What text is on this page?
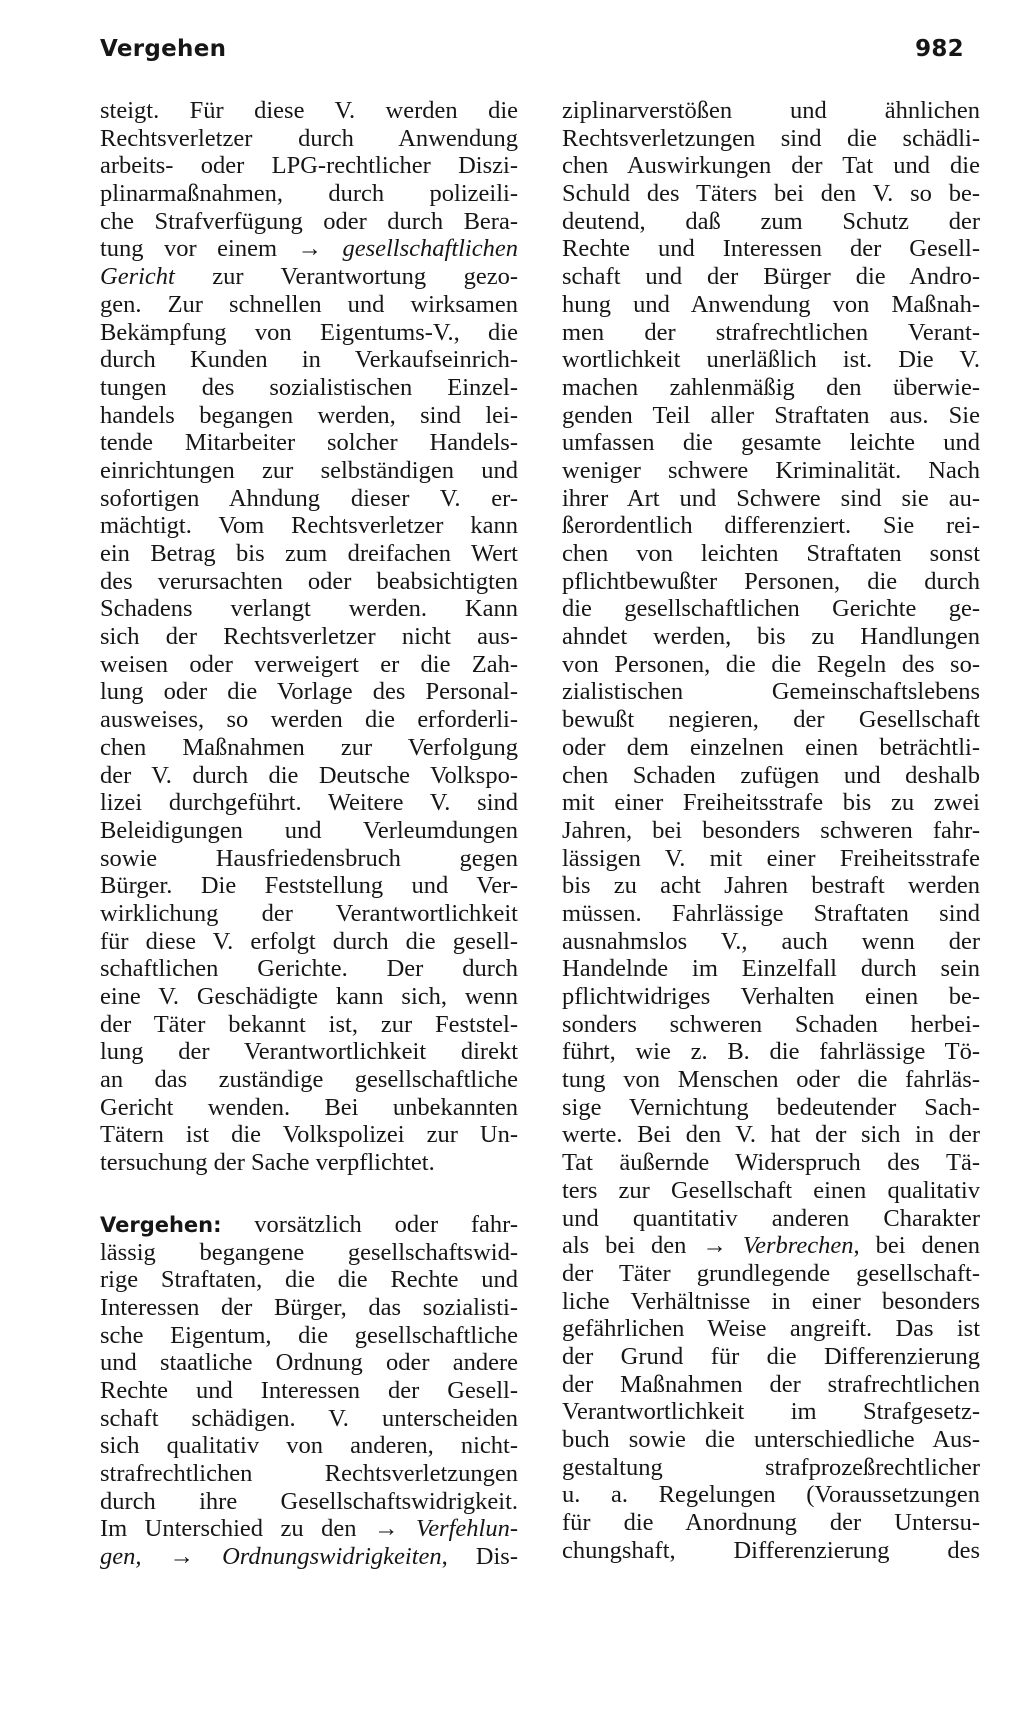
Vergehen	982
steigt. Für diese V. werden die
Rechtsverletzer durch Anwendung
arbeits- oder LPG-rechtlicher Diszi-
plinarmaßnahmen, durch polizeili-
che Strafverfügung oder durch Bera-
tung vor einem → gesellschaftlichen
Gericht zur Verantwortung gezo-
gen. Zur schnellen und wirksamen
Bekämpfung von Eigentums-V., die
durch Kunden in Verkaufseinrich-
tungen des sozialistischen Einzel-
handels begangen werden, sind lei-
tende Mitarbeiter solcher Handels-
einrichtungen zur selbständigen und
sofortigen Ahndung dieser V. er-
mächtigt. Vom Rechtsverletzer kann
ein Betrag bis zum dreifachen Wert
des verursachten oder beabsichtigten
Schadens verlangt werden. Kann
sich der Rechtsverletzer nicht aus-
weisen oder verweigert er die Zah-
lung oder die Vorlage des Personal-
ausweises, so werden die erforderli-
chen Maßnahmen zur Verfolgung
der V. durch die Deutsche Volkspo-
lizei durchgeführt. Weitere V. sind
Beleidigungen und Verleumdungen
sowie Hausfriedensbruch gegen
Bürger. Die Feststellung und Ver-
wirklichung der Verantwortlichkeit
für diese V. erfolgt durch die gesell-
schaftlichen Gerichte. Der durch
eine V. Geschädigte kann sich, wenn
der Täter bekannt ist, zur Feststel-
lung der Verantwortlichkeit direkt
an das zuständige gesellschaftliche
Gericht wenden. Bei unbekannten
Tätern ist die Volkspolizei zur Un-
tersuchung der Sache verpflichtet.
Vergehen: vorsätzlich oder fahr-
lässig begangene gesellschaftswid-
rige Straftaten, die die Rechte und
Interessen der Bürger, das sozialisti-
sche Eigentum, die gesellschaftliche
und staatliche Ordnung oder andere
Rechte und Interessen der Gesell-
schaft schädigen. V. unterscheiden
sich qualitativ von anderen, nicht-
strafrechtlichen Rechtsverletzungen
durch ihre Gesellschaftswidrigkeit.
Im Unterschied zu den → Verfehlun-
gen, → Ordnungswidrigkeiten, Dis-
ziplinarverstößen und ähnlichen
Rechtsverletzungen sind die schädli-
chen Auswirkungen der Tat und die
Schuld des Täters bei den V. so be-
deutend, daß zum Schutz der
Rechte und Interessen der Gesell-
schaft und der Bürger die Andro-
hung und Anwendung von Maßnah-
men der strafrechtlichen Verant-
wortlichkeit unerläßlich ist. Die V.
machen zahlenmäßig den überwie-
genden Teil aller Straftaten aus. Sie
umfassen die gesamte leichte und
weniger schwere Kriminalität. Nach
ihrer Art und Schwere sind sie au-
ßerordentlich differenziert. Sie rei-
chen von leichten Straftaten sonst
pflichtbewußter Personen, die durch
die gesellschaftlichen Gerichte ge-
ahndet werden, bis zu Handlungen
von Personen, die die Regeln des so-
zialistischen Gemeinschaftslebens
bewußt negieren, der Gesellschaft
oder dem einzelnen einen beträchtli-
chen Schaden zufügen und deshalb
mit einer Freiheitsstrafe bis zu zwei
Jahren, bei besonders schweren fahr-
lässigen V. mit einer Freiheitsstrafe
bis zu acht Jahren bestraft werden
müssen. Fahrlässige Straftaten sind
ausnahmslos V., auch wenn der
Handelnde im Einzelfall durch sein
pflichtwidriges Verhalten einen be-
sonders schweren Schaden herbei-
führt, wie z. B. die fahrlässige Tö-
tung von Menschen oder die fahrläs-
sige Vernichtung bedeutender Sach-
werte. Bei den V. hat der sich in der
Tat äußernde Widerspruch des Tä-
ters zur Gesellschaft einen qualitativ
und quantitativ anderen Charakter
als bei den → Verbrechen, bei denen
der Täter grundlegende gesellschaft-
liche Verhältnisse in einer besonders
gefährlichen Weise angreift. Das ist
der Grund für die Differenzierung
der Maßnahmen der strafrechtlichen
Verantwortlichkeit im Strafgesetz-
buch sowie die unterschiedliche Aus-
gestaltung strafprozeßrechtlicher
u. a. Regelungen (Voraussetzungen
für die Anordnung der Untersu-
chungshaft, Differenzierung des
